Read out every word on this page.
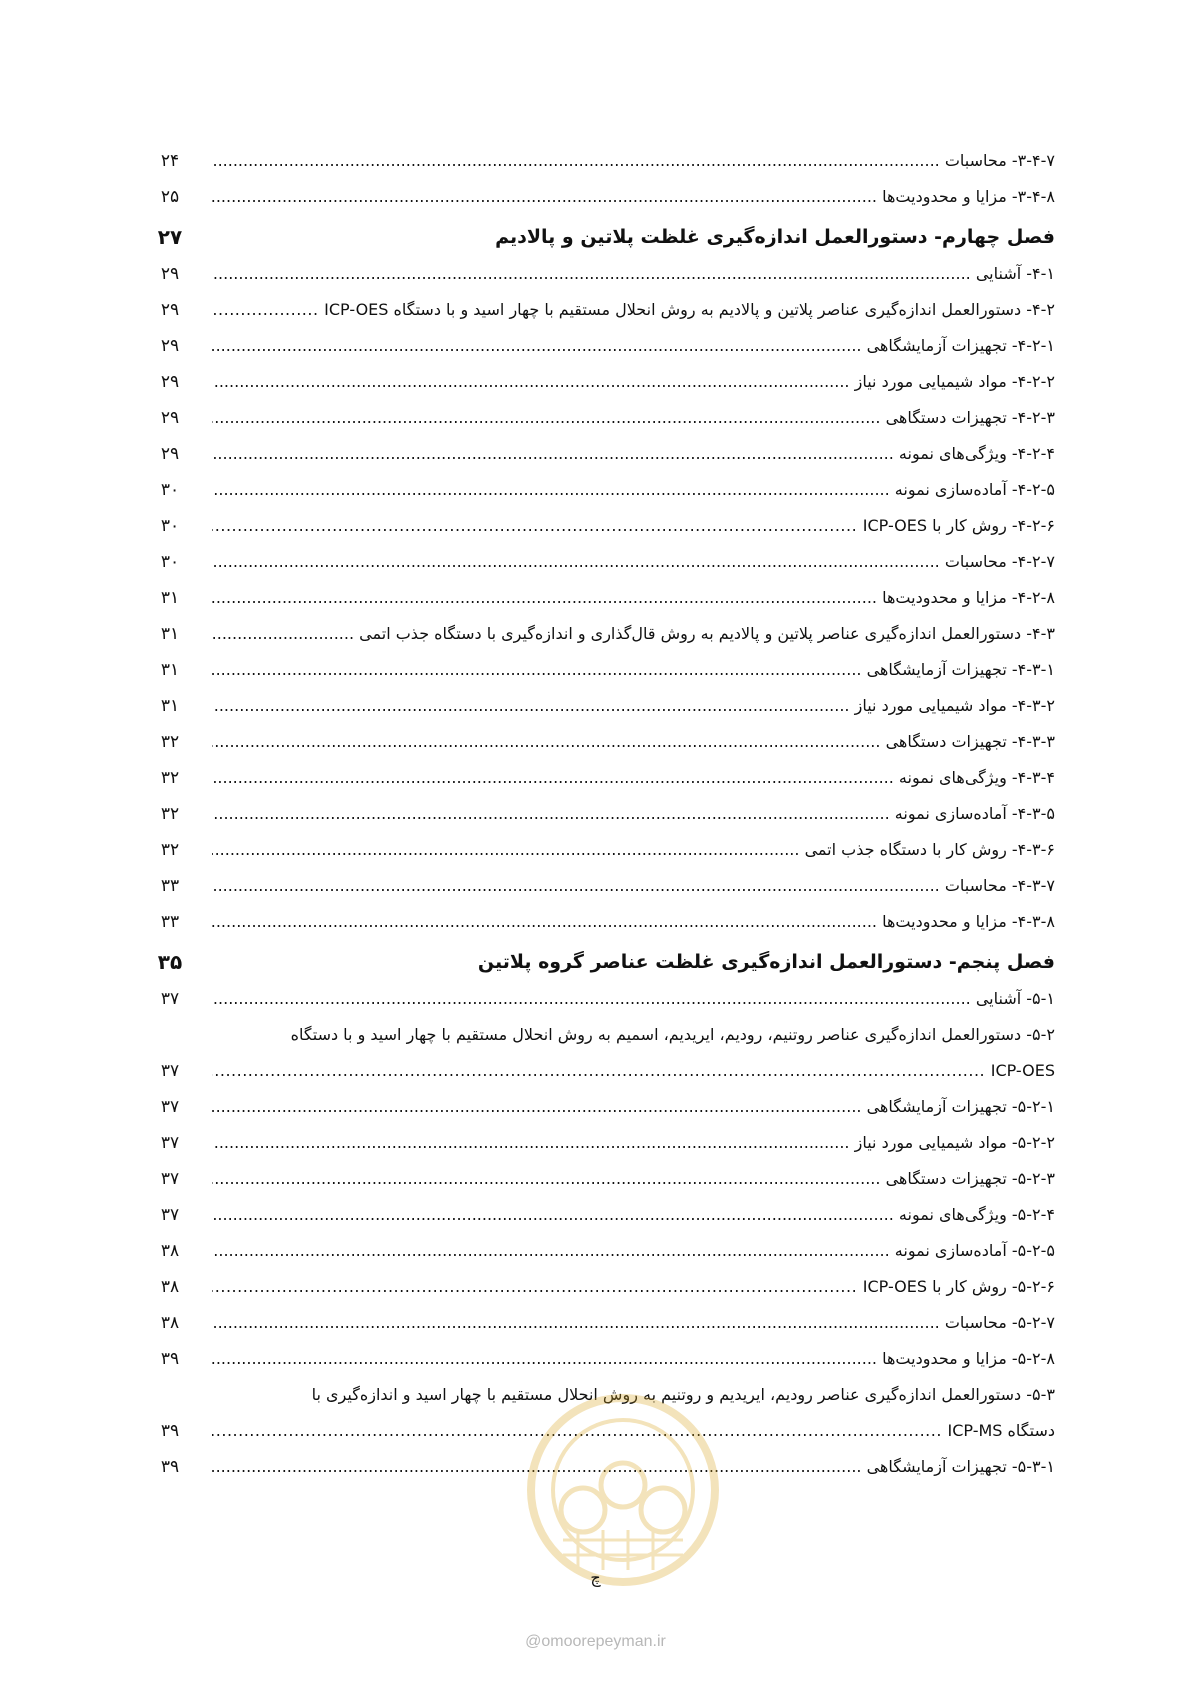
۳-۴-۷- محاسبات .....
۲۴
۳-۴-۸- مزایا و محدودیت‌ها .....
۲۵
فصل چهارم- دستورالعمل اندازه‌گیری غلظت پلاتین و پالادیم
۲۷
۴-۱- آشنایی .....
۲۹
۴-۲- دستورالعمل اندازه‌گیری عناصر پلاتین و پالادیم به روش انحلال مستقیم با چهار اسید و با دستگاه ICP-OES .....
۲۹
۴-۲-۱- تجهیزات آزمایشگاهی .....
۲۹
۴-۲-۲- مواد شیمیایی مورد نیاز .....
۲۹
۴-۲-۳- تجهیزات دستگاهی .....
۲۹
۴-۲-۴- ویژگی‌های نمونه .....
۲۹
۴-۲-۵- آماده‌سازی نمونه .....
۳۰
۴-۲-۶- روش کار با ICP-OES .....
۳۰
۴-۲-۷- محاسبات .....
۳۰
۴-۲-۸- مزایا و محدودیت‌ها .....
۳۱
۴-۳- دستورالعمل اندازه‌گیری عناصر پلاتین و پالادیم به روش قال‌گذاری و اندازه‌گیری با دستگاه جذب اتمی .....
۳۱
۴-۳-۱- تجهیزات آزمایشگاهی .....
۳۱
۴-۳-۲- مواد شیمیایی مورد نیاز .....
۳۱
۴-۳-۳- تجهیزات دستگاهی .....
۳۲
۴-۳-۴- ویژگی‌های نمونه .....
۳۲
۴-۳-۵- آماده‌سازی نمونه .....
۳۲
۴-۳-۶- روش کار با دستگاه جذب اتمی .....
۳۲
۴-۳-۷- محاسبات .....
۳۳
۴-۳-۸- مزایا و محدودیت‌ها .....
۳۳
فصل پنجم- دستورالعمل اندازه‌گیری غلظت عناصر گروه پلاتین
۳۵
۵-۱- آشنایی .....
۳۷
۵-۲- دستورالعمل اندازه‌گیری عناصر روتنیم، رودیم، ایریدیم، اسمیم به روش انحلال مستقیم با چهار اسید و با دستگاه
ICP-OES .....
۳۷
۵-۲-۱- تجهیزات آزمایشگاهی .....
۳۷
۵-۲-۲- مواد شیمیایی مورد نیاز .....
۳۷
۵-۲-۳- تجهیزات دستگاهی .....
۳۷
۵-۲-۴- ویژگی‌های نمونه .....
۳۷
۵-۲-۵- آماده‌سازی نمونه .....
۳۸
۵-۲-۶- روش کار با ICP-OES .....
۳۸
۵-۲-۷- محاسبات .....
۳۸
۵-۲-۸- مزایا و محدودیت‌ها .....
۳۹
۵-۳- دستورالعمل اندازه‌گیری عناصر رودیم، ایریدیم و روتنیم به روش انحلال مستقیم با چهار اسید و اندازه‌گیری با
دستگاه ICP-MS .....
۳۹
۵-۳-۱- تجهیزات آزمایشگاهی .....
۳۹
چ
@omoorepeyman.ir
